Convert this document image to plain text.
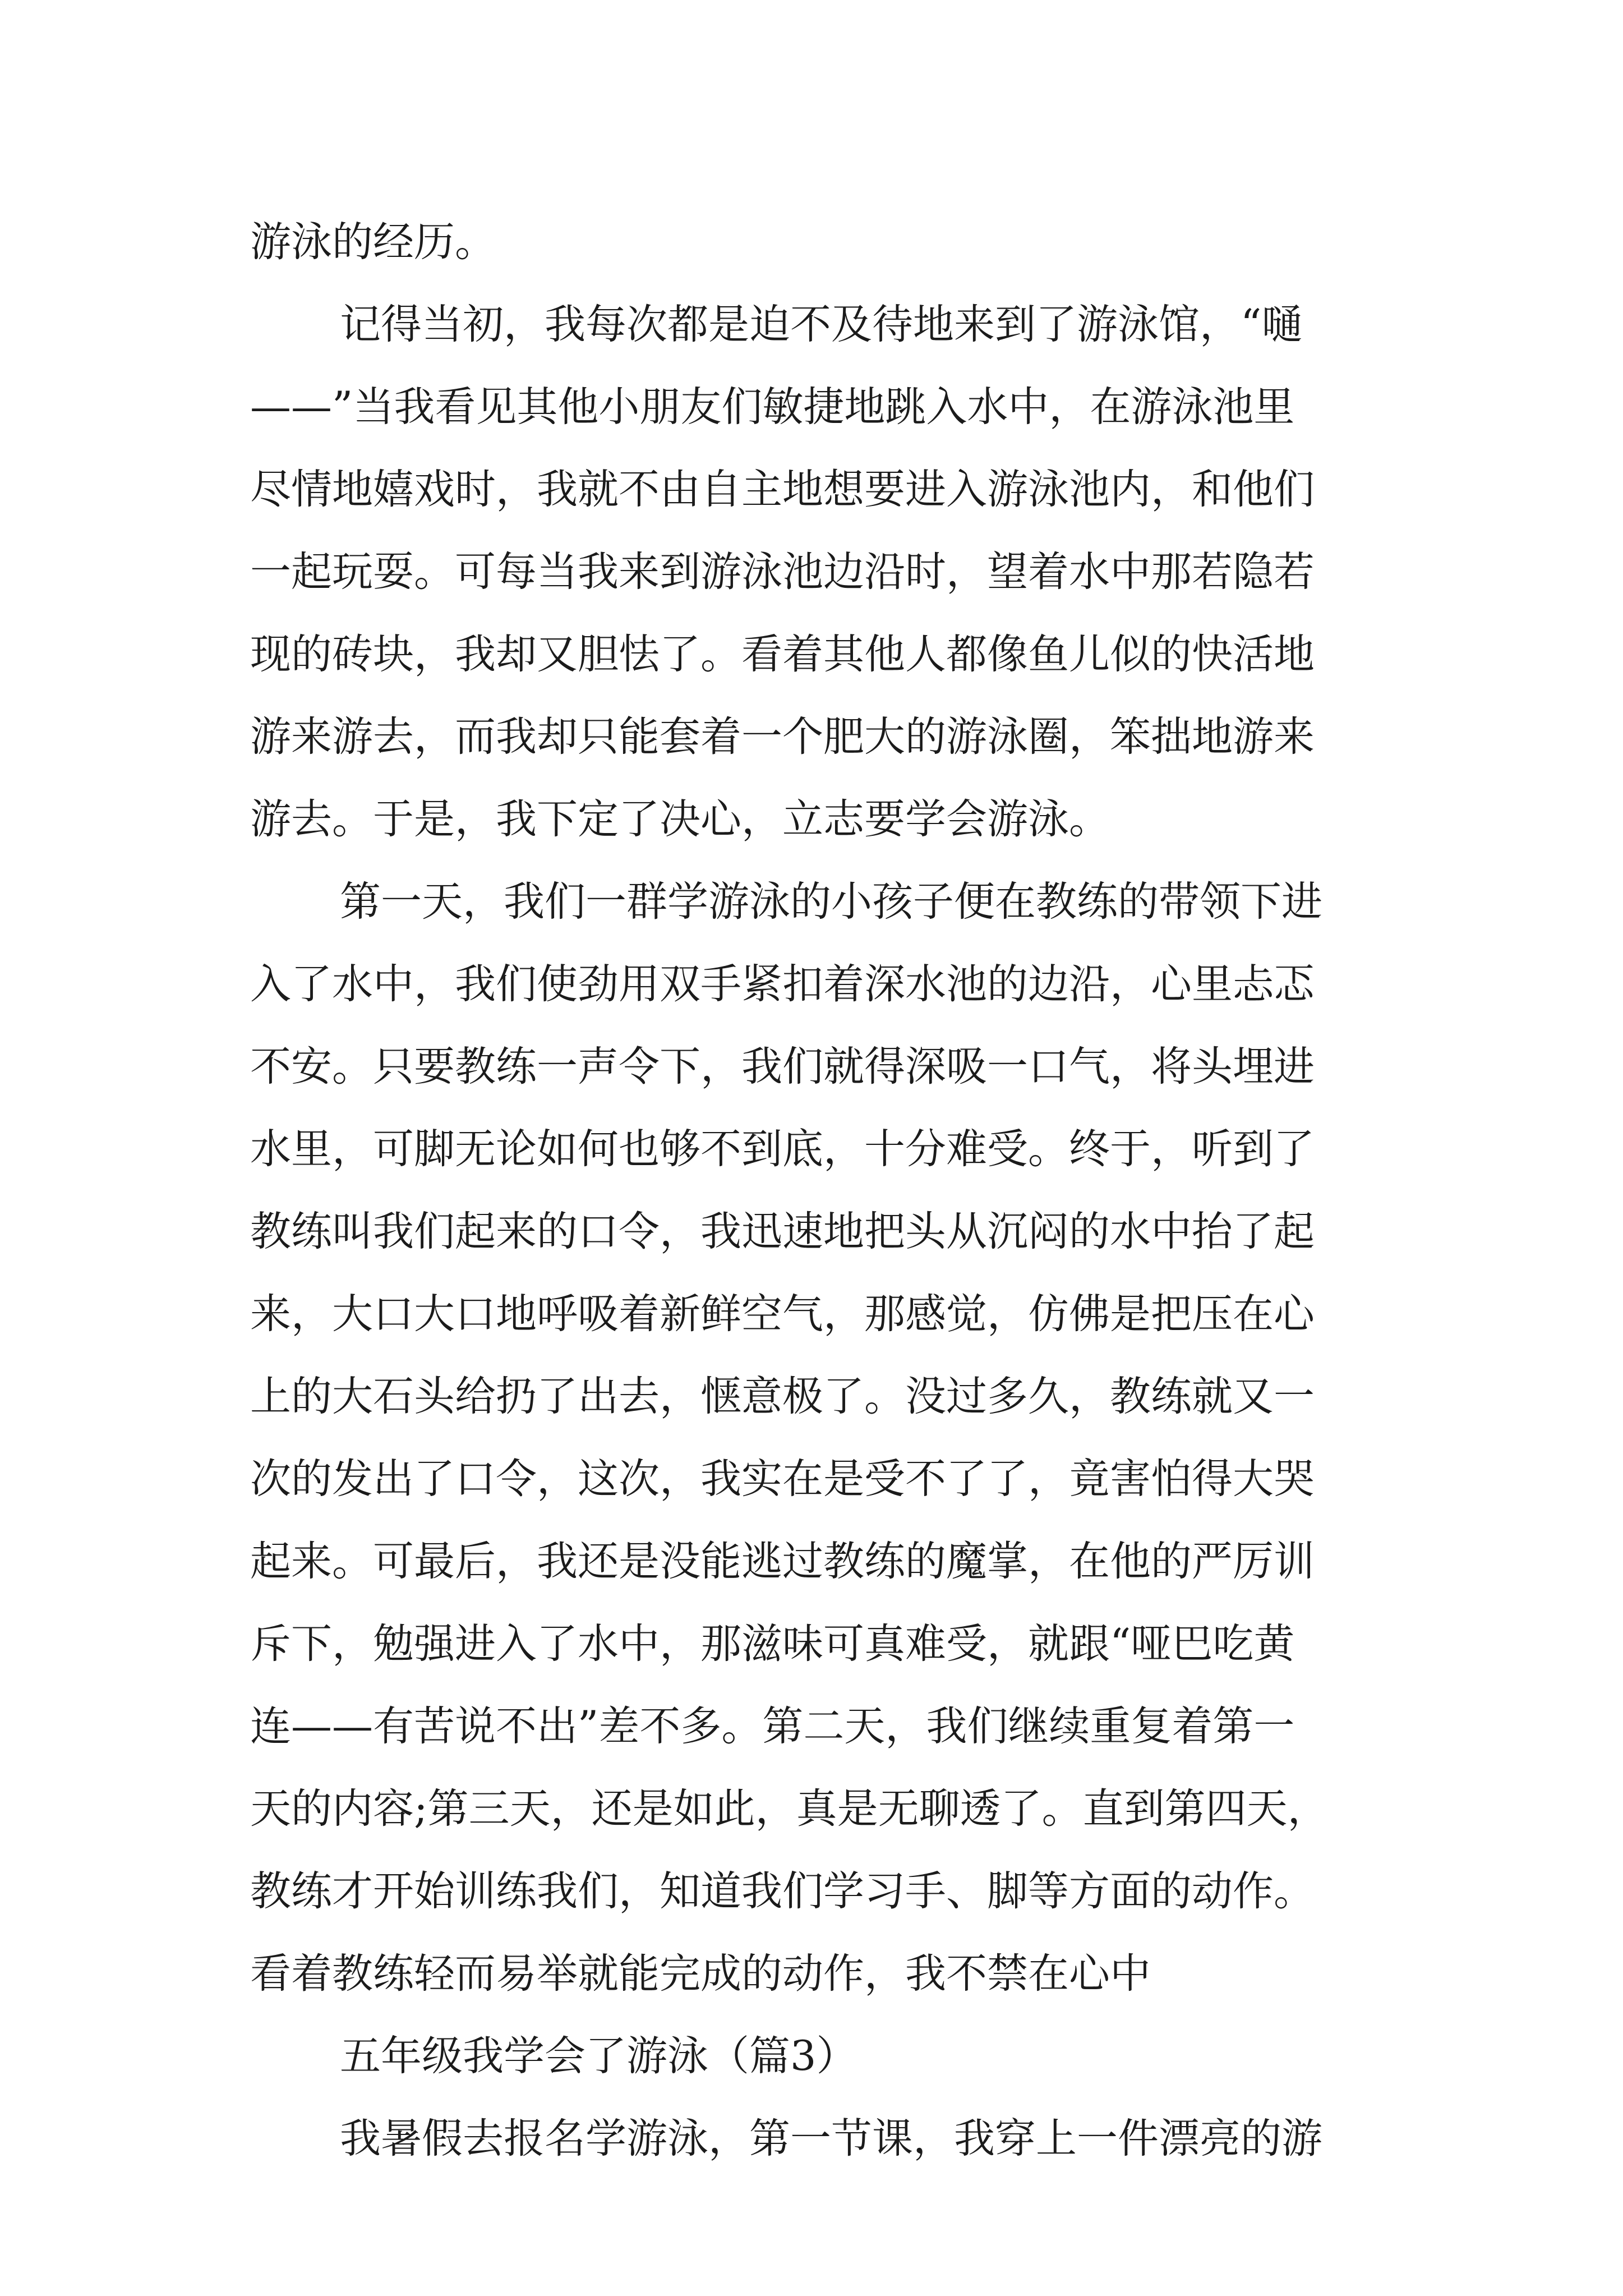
游泳的经历。
记得当初，我每次都是迫不及待地来到了游泳馆，“嗵
——”当我看见其他小朋友们敏捷地跳入水中，在游泳池里
尽情地嬉戏时，我就不由自主地想要进入游泳池内，和他们
一起玩耍。可每当我来到游泳池边沿时，望着水中那若隐若
现的砖块，我却又胆怯了。看着其他人都像鱼儿似的快活地
游来游去，而我却只能套着一个肥大的游泳圈，笨拙地游来
游去。于是，我下定了决心，立志要学会游泳。
第一天，我们一群学游泳的小孩子便在教练的带领下进
入了水中，我们使劲用双手紧扣着深水池的边沿，心里忐忑
不安。只要教练一声令下，我们就得深吸一口气，将头埋进
水里，可脚无论如何也够不到底，十分难受。终于，听到了
教练叫我们起来的口令，我迅速地把头从沉闷的水中抬了起
来，大口大口地呼吸着新鲜空气，那感觉，仿佛是把压在心
上的大石头给扔了出去，惬意极了。没过多久，教练就又一
次的发出了口令，这次，我实在是受不了了，竟害怕得大哭
起来。可最后，我还是没能逃过教练的魔掌，在他的严厉训
斥下，勉强进入了水中，那滋味可真难受，就跟“哑巴吃黄
连——有苦说不出”差不多。第二天，我们继续重复着第一
天的内容;第三天，还是如此，真是无聊透了。直到第四天，
教练才开始训练我们，知道我们学习手、脚等方面的动作。
看着教练轻而易举就能完成的动作，我不禁在心中
五年级我学会了游泳（篇3）
我暑假去报名学游泳，第一节课，我穿上一件漂亮的游
